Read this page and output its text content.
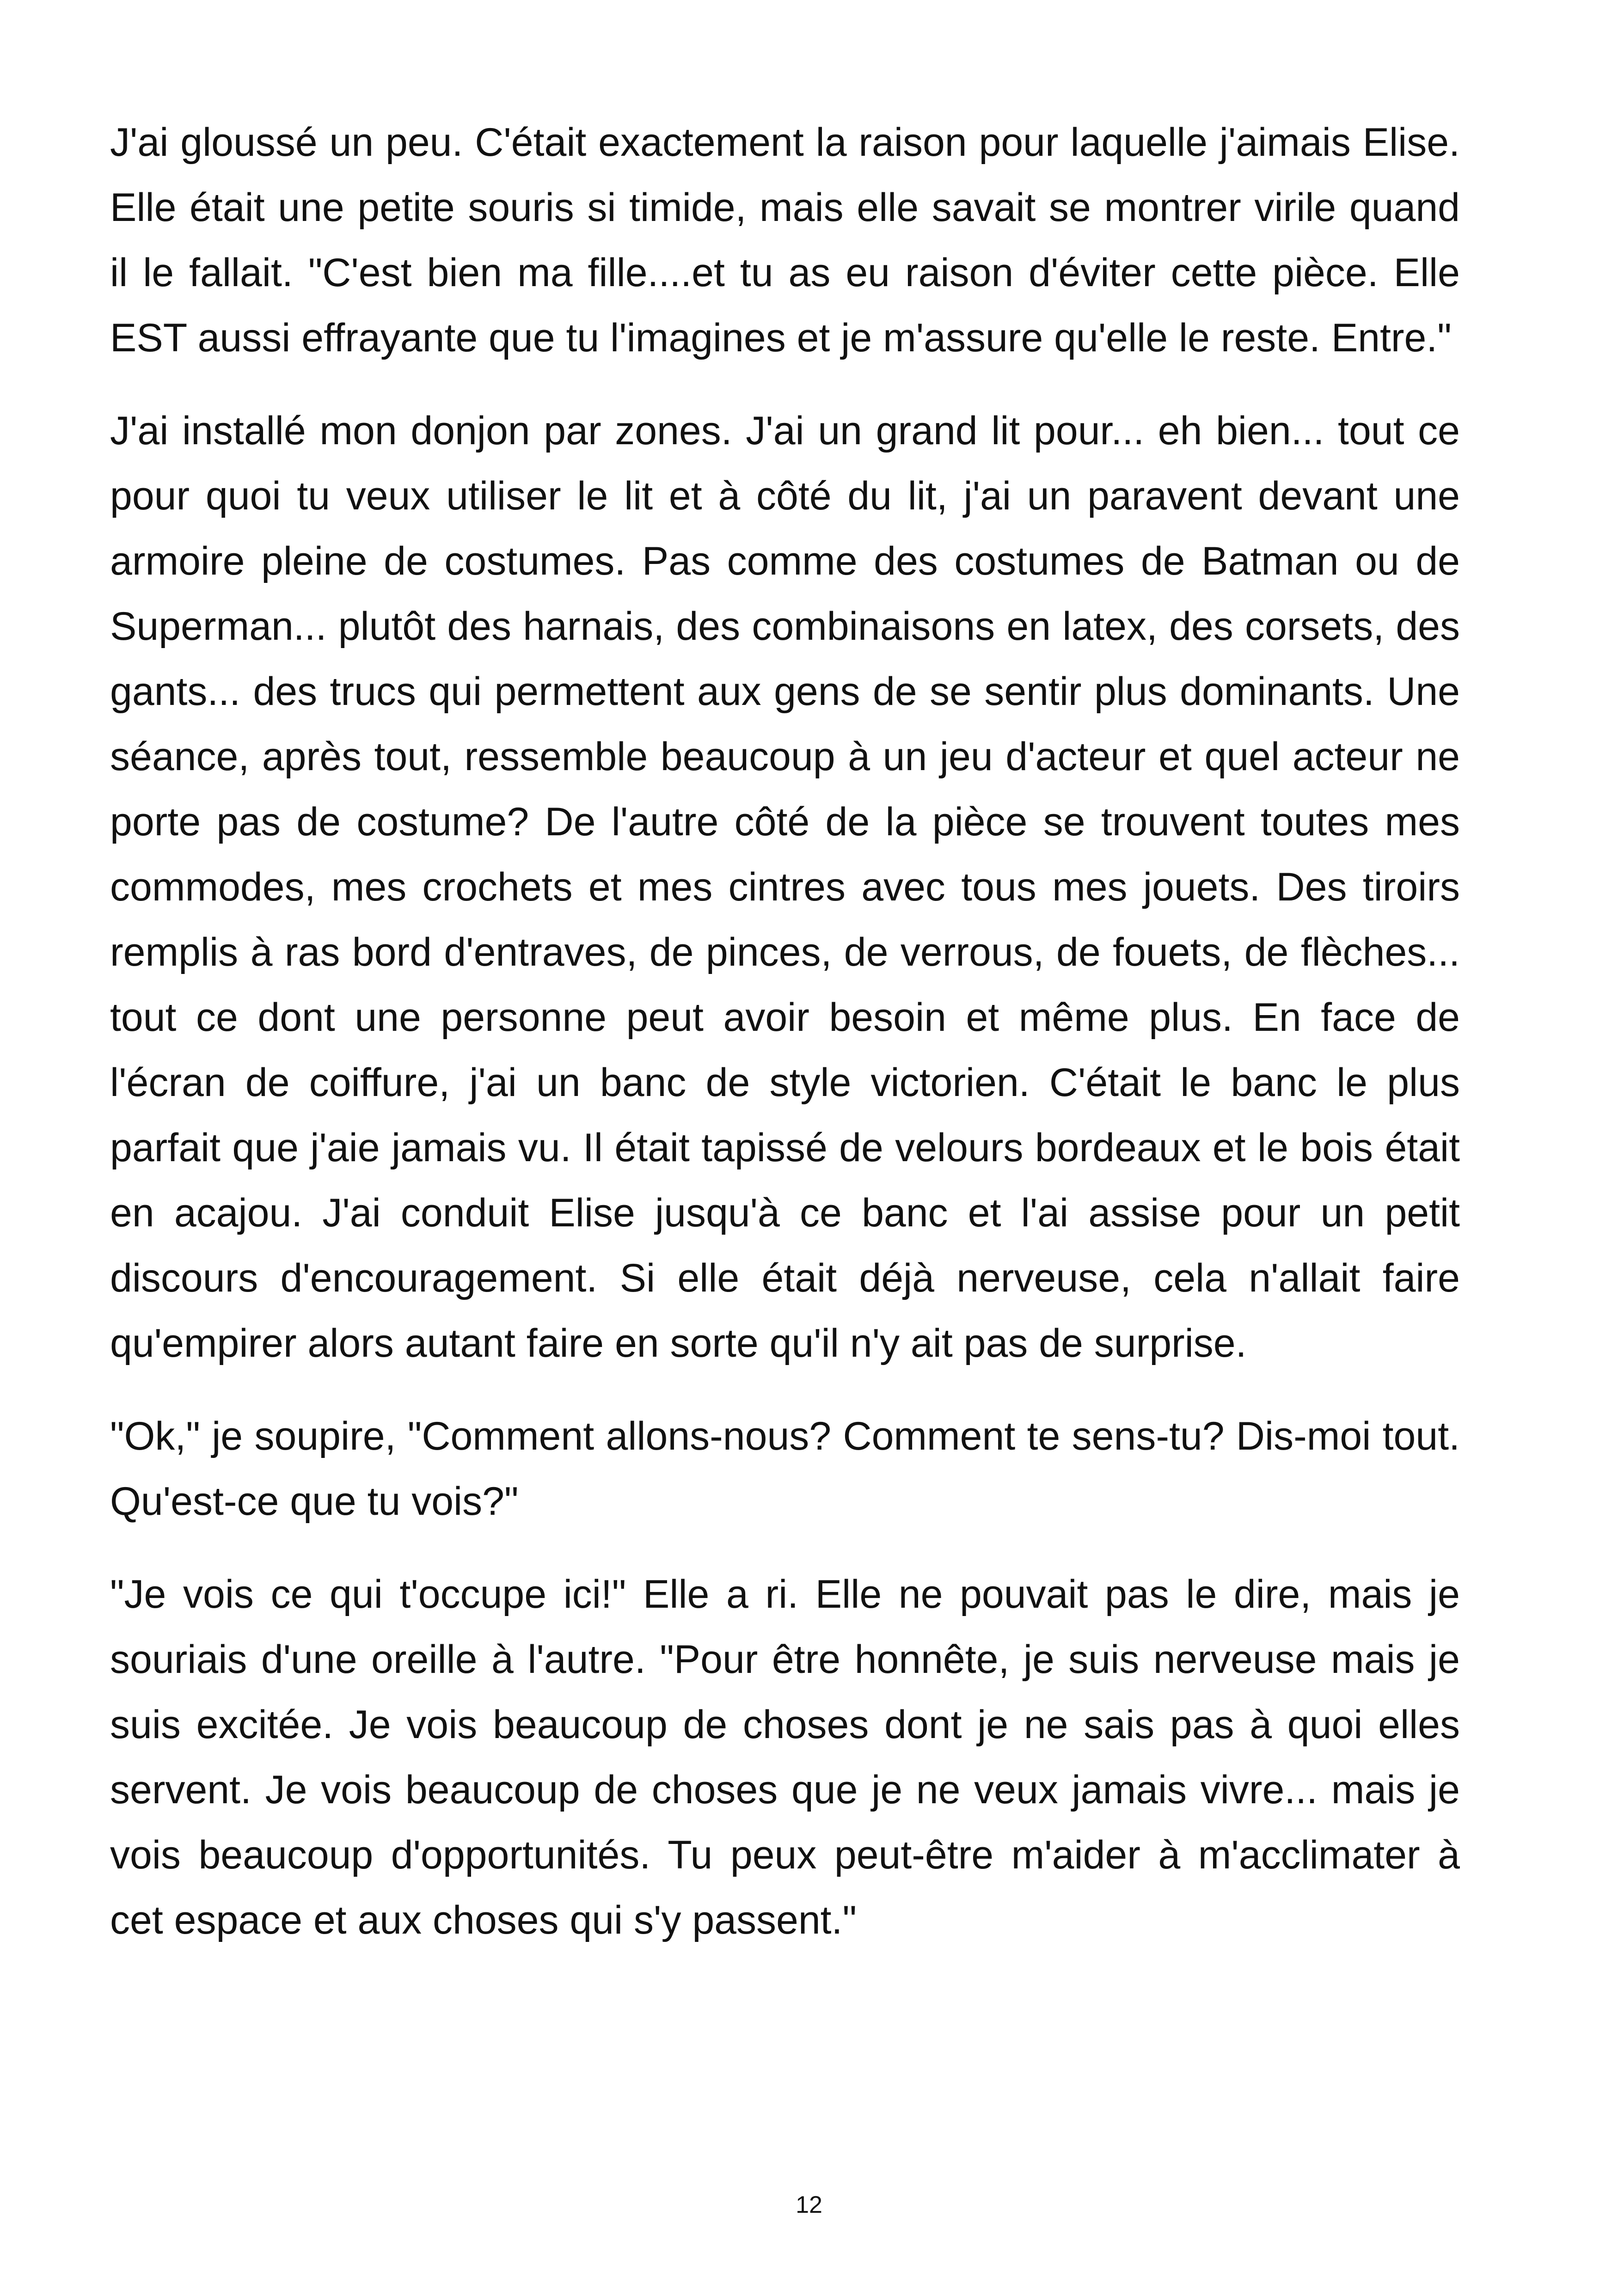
J'ai gloussé un peu. C'était exactement la raison pour laquelle j'aimais Elise. Elle était une petite souris si timide, mais elle savait se montrer virile quand il le fallait. "C'est bien ma fille....et tu as eu raison d'éviter cette pièce. Elle EST aussi effrayante que tu l'imagines et je m'assure qu'elle le reste. Entre."

J'ai installé mon donjon par zones. J'ai un grand lit pour... eh bien... tout ce pour quoi tu veux utiliser le lit et à côté du lit, j'ai un paravent devant une armoire pleine de costumes. Pas comme des costumes de Batman ou de Superman... plutôt des harnais, des combinaisons en latex, des corsets, des gants... des trucs qui permettent aux gens de se sentir plus dominants. Une séance, après tout, ressemble beaucoup à un jeu d'acteur et quel acteur ne porte pas de costume? De l'autre côté de la pièce se trouvent toutes mes commodes, mes crochets et mes cintres avec tous mes jouets. Des tiroirs remplis à ras bord d'entraves, de pinces, de verrous, de fouets, de flèches... tout ce dont une personne peut avoir besoin et même plus. En face de l'écran de coiffure, j'ai un banc de style victorien. C'était le banc le plus parfait que j'aie jamais vu. Il était tapissé de velours bordeaux et le bois était en acajou. J'ai conduit Elise jusqu'à ce banc et l'ai assise pour un petit discours d'encouragement. Si elle était déjà nerveuse, cela n'allait faire qu'empirer alors autant faire en sorte qu'il n'y ait pas de surprise.

"Ok," je soupire, "Comment allons-nous? Comment te sens-tu? Dis-moi tout. Qu'est-ce que tu vois?"

"Je vois ce qui t'occupe ici!" Elle a ri. Elle ne pouvait pas le dire, mais je souriais d'une oreille à l'autre. "Pour être honnête, je suis nerveuse mais je suis excitée. Je vois beaucoup de choses dont je ne sais pas à quoi elles servent. Je vois beaucoup de choses que je ne veux jamais vivre... mais je vois beaucoup d'opportunités. Tu peux peut-être m'aider à m'acclimater à cet espace et aux choses qui s'y passent."

12
